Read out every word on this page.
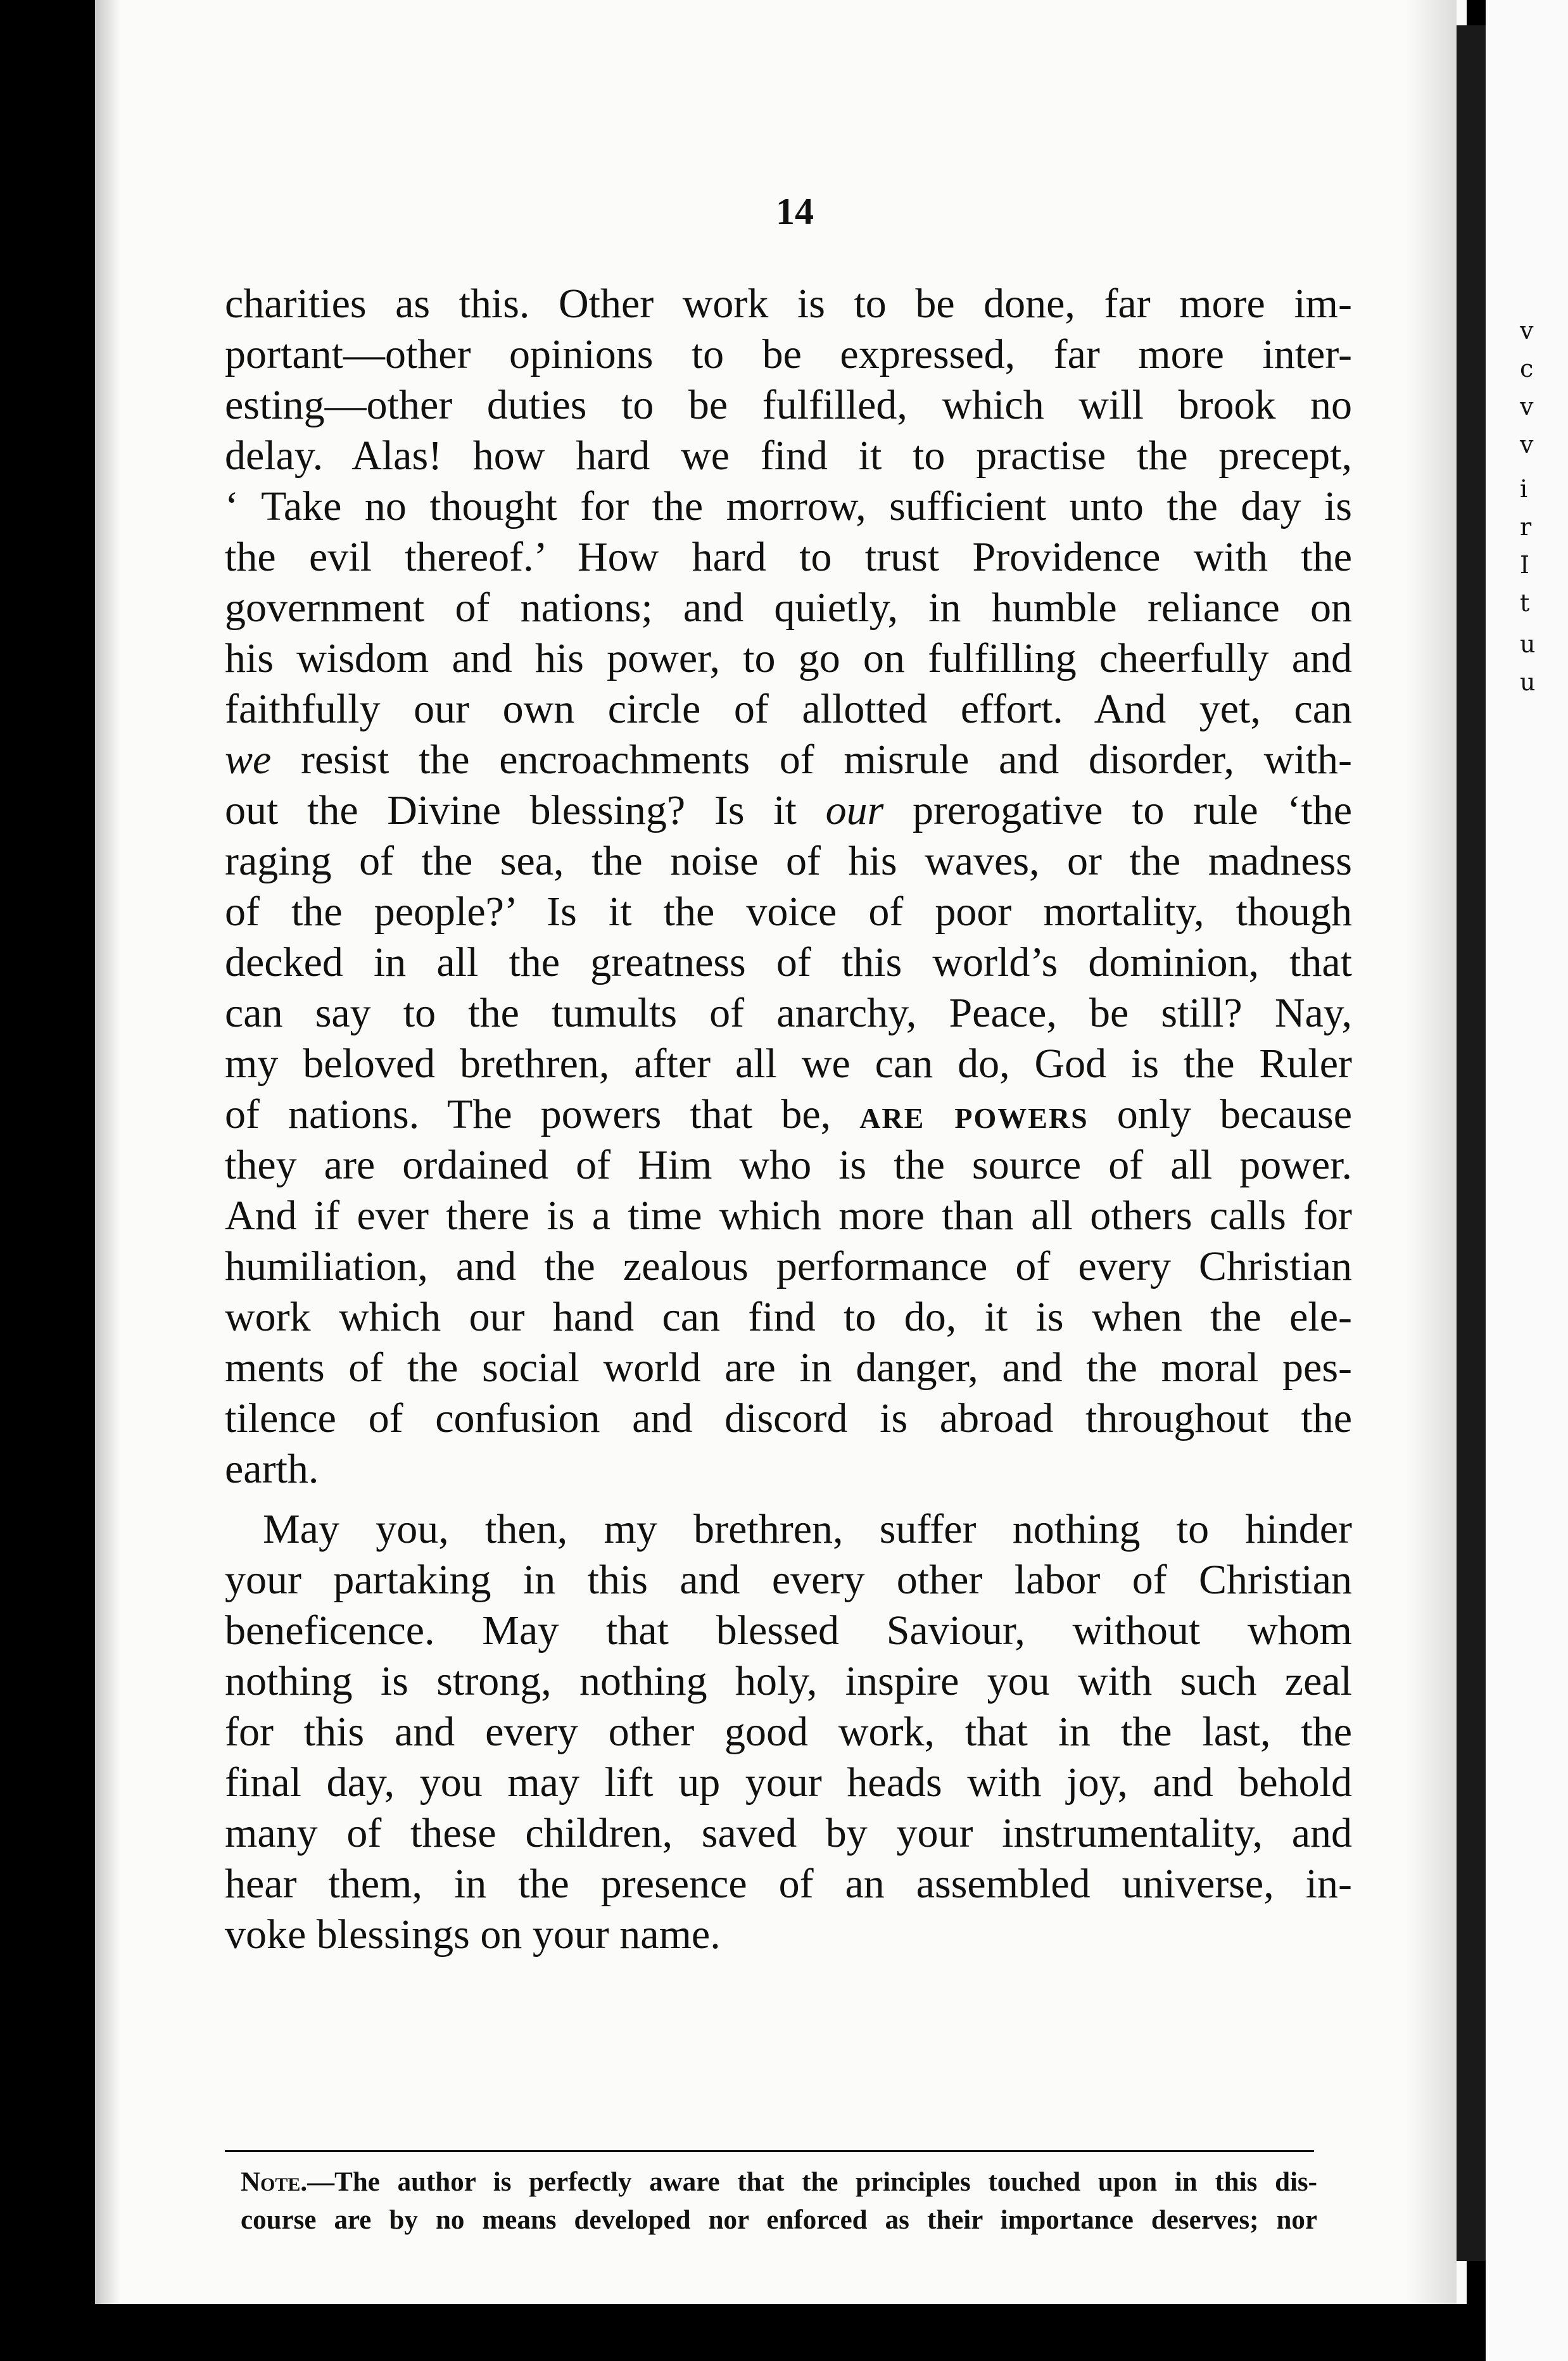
v
c
v
v
i
r
I
t
u
u
14

charities as this. Other work is to be done, far more im-

portant—other opinions to be expressed, far more inter-

esting—other duties to be fulfilled, which will brook no

delay. Alas! how hard we find it to practise the precept,

‘ Take no thought for the morrow, sufficient unto the day is

the evil thereof.’ How hard to trust Providence with the

government of nations; and quietly, in humble reliance on

his wisdom and his power, to go on fulfilling cheerfully and

faithfully our own circle of allotted effort. And yet, can

we resist the encroachments of misrule and disorder, with-

out the Divine blessing? Is it our prerogative to rule ‘the

raging of the sea, the noise of his waves, or the madness

of the people?’ Is it the voice of poor mortality, though

decked in all the greatness of this world’s dominion, that

can say to the tumults of anarchy, Peace, be still? Nay,

my beloved brethren, after all we can do, God is the Ruler

of nations. The powers that be, are powers only because

they are ordained of Him who is the source of all power.

And if ever there is a time which more than all others calls for

humiliation, and the zealous performance of every Christian

work which our hand can find to do, it is when the ele-

ments of the social world are in danger, and the moral pes-

tilence of confusion and discord is abroad throughout the

earth.

May you, then, my brethren, suffer nothing to hinder

your partaking in this and every other labor of Christian

beneficence. May that blessed Saviour, without whom

nothing is strong, nothing holy, inspire you with such zeal

for this and every other good work, that in the last, the

final day, you may lift up your heads with joy, and behold

many of these children, saved by your instrumentality, and

hear them, in the presence of an assembled universe, in-

voke blessings on your name.

Note.—The author is perfectly aware that the principles touched upon in this dis-
course are by no means developed nor enforced as their importance deserves; nor
